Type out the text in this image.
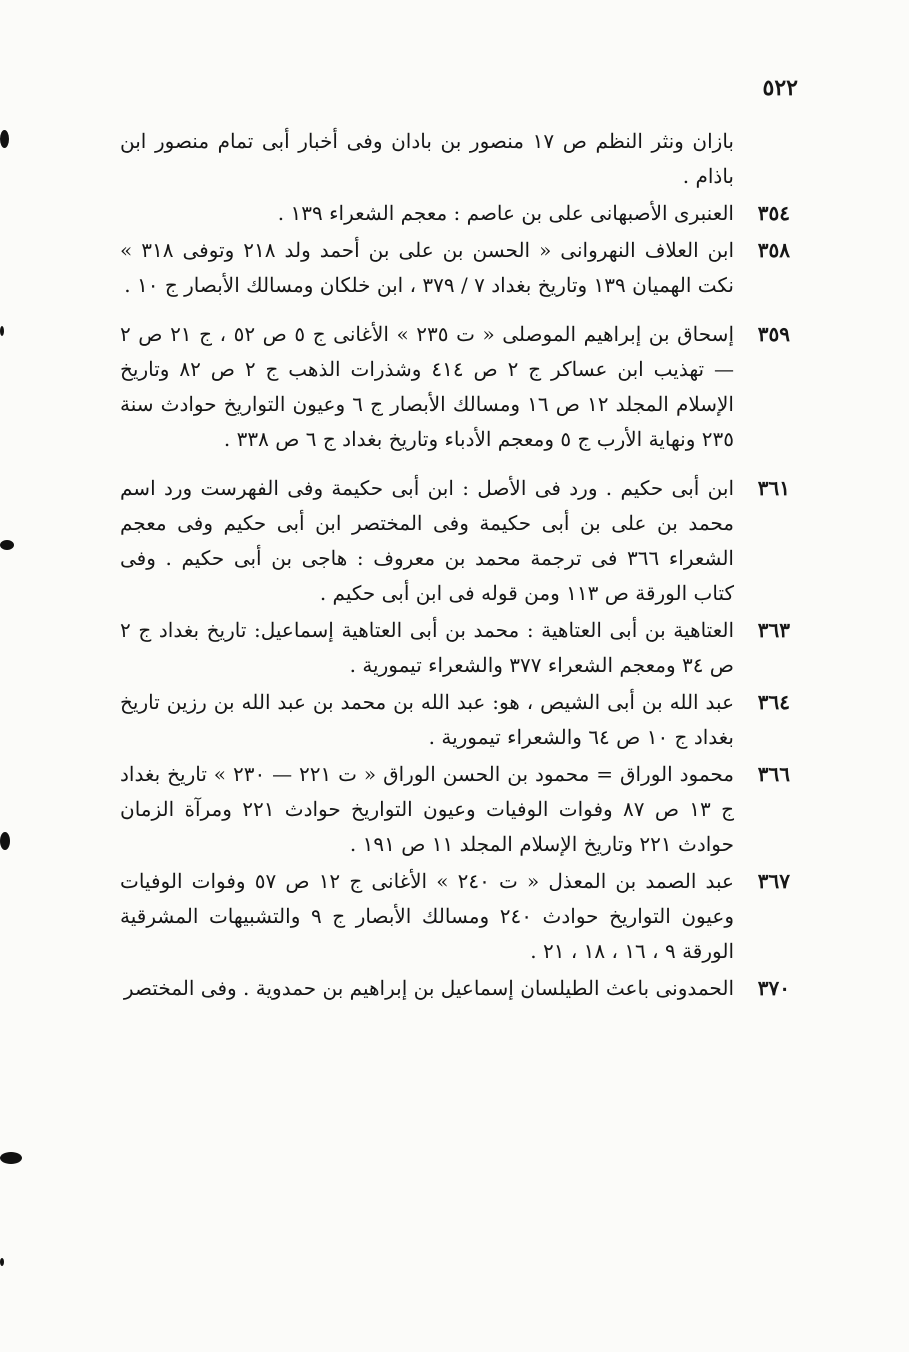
٥٢٢

بازان ونثر النظم ص ١٧ منصور بن بادان وفى أخبار أبى تمام منصور ابن باذام .

٣٥٤
العنبرى الأصبهانى على بن عاصم : معجم الشعراء ١٣٩ .

٣٥٨
ابن العلاف النهروانى « الحسن بن على بن أحمد ولد ٢١٨ وتوفى ٣١٨ » نكت الهميان ١٣٩ وتاريخ بغداد ٧ / ٣٧٩ ، ابن خلكان ومسالك الأبصار ج ١٠ .

٣٥٩
إسحاق بن إبراهيم الموصلى « ت ٢٣٥ » الأغانى ج ٥ ص ٥٢ ، ج ٢١ ص ٢ — تهذيب ابن عساكر ج ٢ ص ٤١٤ وشذرات الذهب ج ٢ ص ٨٢ وتاريخ الإسلام المجلد ١٢ ص ١٦ ومسالك الأبصار ج ٦ وعيون التواريخ حوادث سنة ٢٣٥ ونهاية الأرب ج ٥ ومعجم الأدباء وتاريخ بغداد ج ٦ ص ٣٣٨ .

٣٦١
ابن أبى حكيم . ورد فى الأصل : ابن أبى حكيمة وفى الفهرست ورد اسم محمد بن على بن أبى حكيمة وفى المختصر ابن أبى حكيم وفى معجم الشعراء ٣٦٦ فى ترجمة محمد بن معروف : هاجى بن أبى حكيم . وفى كتاب الورقة ص ١١٣ ومن قوله فى ابن أبى حكيم .

٣٦٣
العتاهية بن أبى العتاهية : محمد بن أبى العتاهية إسماعيل: تاريخ بغداد ج ٢ ص ٣٤ ومعجم الشعراء ٣٧٧ والشعراء تيمورية .

٣٦٤
عبد الله بن أبى الشيص ، هو: عبد الله بن محمد بن عبد الله بن رزين تاريخ بغداد ج ١٠ ص ٦٤ والشعراء تيمورية .

٣٦٦
محمود الوراق = محمود بن الحسن الوراق « ت ٢٢١ — ٢٣٠ » تاريخ بغداد ج ١٣ ص ٨٧ وفوات الوفيات وعيون التواريخ حوادث ٢٢١ ومرآة الزمان حوادث ٢٢١ وتاريخ الإسلام المجلد ١١ ص ١٩١ .

٣٦٧
عبد الصمد بن المعذل « ت ٢٤٠ » الأغانى ج ١٢ ص ٥٧ وفوات الوفيات وعيون التواريخ حوادث ٢٤٠ ومسالك الأبصار ج ٩ والتشبيهات المشرقية الورقة ٩ ، ١٦ ، ١٨ ، ٢١ .

٣٧٠
الحمدونى باعث الطيلسان إسماعيل بن إبراهيم بن حمدوية . وفى المختصر
